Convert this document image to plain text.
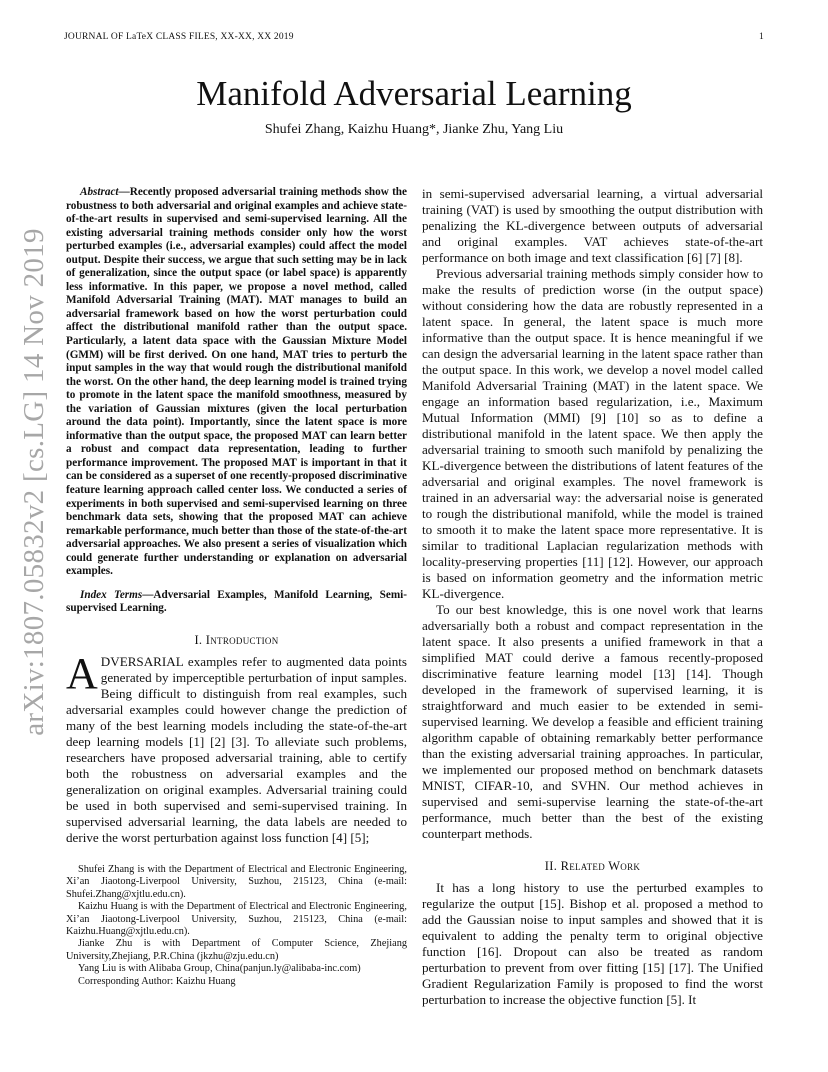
JOURNAL OF LaTeX CLASS FILES, XX-XX, XX 2019	1
Manifold Adversarial Learning
Shufei Zhang, Kaizhu Huang*, Jianke Zhu, Yang Liu
arXiv:1807.05832v2 [cs.LG] 14 Nov 2019

Abstract—Recently proposed adversarial training methods show the robustness to both adversarial and original examples and achieve state-of-the-art results in supervised and semi-supervised learning. All the existing adversarial training methods consider only how the worst perturbed examples (i.e., adversarial examples) could affect the model output. Despite their success, we argue that such setting may be in lack of generalization, since the output space (or label space) is apparently less informative. In this paper, we propose a novel method, called Manifold Adversarial Training (MAT). MAT manages to build an adversarial framework based on how the worst perturbation could affect the distributional manifold rather than the output space. Particularly, a latent data space with the Gaussian Mixture Model (GMM) will be first derived. On one hand, MAT tries to perturb the input samples in the way that would rough the distributional manifold the worst. On the other hand, the deep learning model is trained trying to promote in the latent space the manifold smoothness, measured by the variation of Gaussian mixtures (given the local perturbation around the data point). Importantly, since the latent space is more informative than the output space, the proposed MAT can learn better a robust and compact data representation, leading to further performance improvement. The proposed MAT is important in that it can be considered as a superset of one recently-proposed discriminative feature learning approach called center loss. We conducted a series of experiments in both supervised and semi-supervised learning on three benchmark data sets, showing that the proposed MAT can achieve remarkable performance, much better than those of the state-of-the-art adversarial approaches. We also present a series of visualization which could generate further understanding or explanation on adversarial examples.

Index Terms—Adversarial Examples, Manifold Learning, Semi-supervised Learning.

I. Introduction

ADVERSARIAL examples refer to augmented data points generated by imperceptible perturbation of input samples. Being difficult to distinguish from real examples, such adversarial examples could however change the prediction of many of the best learning models including the state-of-the-art deep learning models [1] [2] [3]. To alleviate such problems, researchers have proposed adversarial training, able to certify both the robustness on adversarial examples and the generalization on original examples. Adversarial training could be used in both supervised and semi-supervised training. In supervised adversarial learning, the data labels are needed to derive the worst perturbation against loss function [4] [5];

Shufei Zhang is with the Department of Electrical and Electronic Engineering, Xi’an Jiaotong-Liverpool University, Suzhou, 215123, China (e-mail: Shufei.Zhang@xjtlu.edu.cn).

Kaizhu Huang is with the Department of Electrical and Electronic Engineering, Xi’an Jiaotong-Liverpool University, Suzhou, 215123, China (e-mail: Kaizhu.Huang@xjtlu.edu.cn).

Jianke Zhu is with Department of Computer Science, Zhejiang University,Zhejiang, P.R.China (jkzhu@zju.edu.cn)

Yang Liu is with Alibaba Group, China(panjun.ly@alibaba-inc.com)

Corresponding Author: Kaizhu Huang

in semi-supervised adversarial learning, a virtual adversarial training (VAT) is used by smoothing the output distribution with penalizing the KL-divergence between outputs of adversarial and original examples. VAT achieves state-of-the-art performance on both image and text classification [6] [7] [8].

Previous adversarial training methods simply consider how to make the results of prediction worse (in the output space) without considering how the data are robustly represented in a latent space. In general, the latent space is much more informative than the output space. It is hence meaningful if we can design the adversarial learning in the latent space rather than the output space. In this work, we develop a novel model called Manifold Adversarial Training (MAT) in the latent space. We engage an information based regularization, i.e., Maximum Mutual Information (MMI) [9] [10] so as to define a distributional manifold in the latent space. We then apply the adversarial training to smooth such manifold by penalizing the KL-divergence between the distributions of latent features of the adversarial and original examples. The novel framework is trained in an adversarial way: the adversarial noise is generated to rough the distributional manifold, while the model is trained to smooth it to make the latent space more representative. It is similar to traditional Laplacian regularization methods with locality-preserving properties [11] [12]. However, our approach is based on information geometry and the information metric KL-divergence.

To our best knowledge, this is one novel work that learns adversarially both a robust and compact representation in the latent space. It also presents a unified framework in that a simplified MAT could derive a famous recently-proposed discriminative feature learning model [13] [14]. Though developed in the framework of supervised learning, it is straightforward and much easier to be extended in semi-supervised learning. We develop a feasible and efficient training algorithm capable of obtaining remarkably better performance than the existing adversarial training approaches. In particular, we implemented our proposed method on benchmark datasets MNIST, CIFAR-10, and SVHN. Our method achieves in supervised and semi-supervise learning the state-of-the-art performance, much better than the best of the existing counterpart methods.

II. Related Work

It has a long history to use the perturbed examples to regularize the output [15]. Bishop et al. proposed a method to add the Gaussian noise to input samples and showed that it is equivalent to adding the penalty term to original objective function [16]. Dropout can also be treated as random perturbation to prevent from over fitting [15] [17]. The Unified Gradient Regularization Family is proposed to find the worst perturbation to increase the objective function [5]. It
